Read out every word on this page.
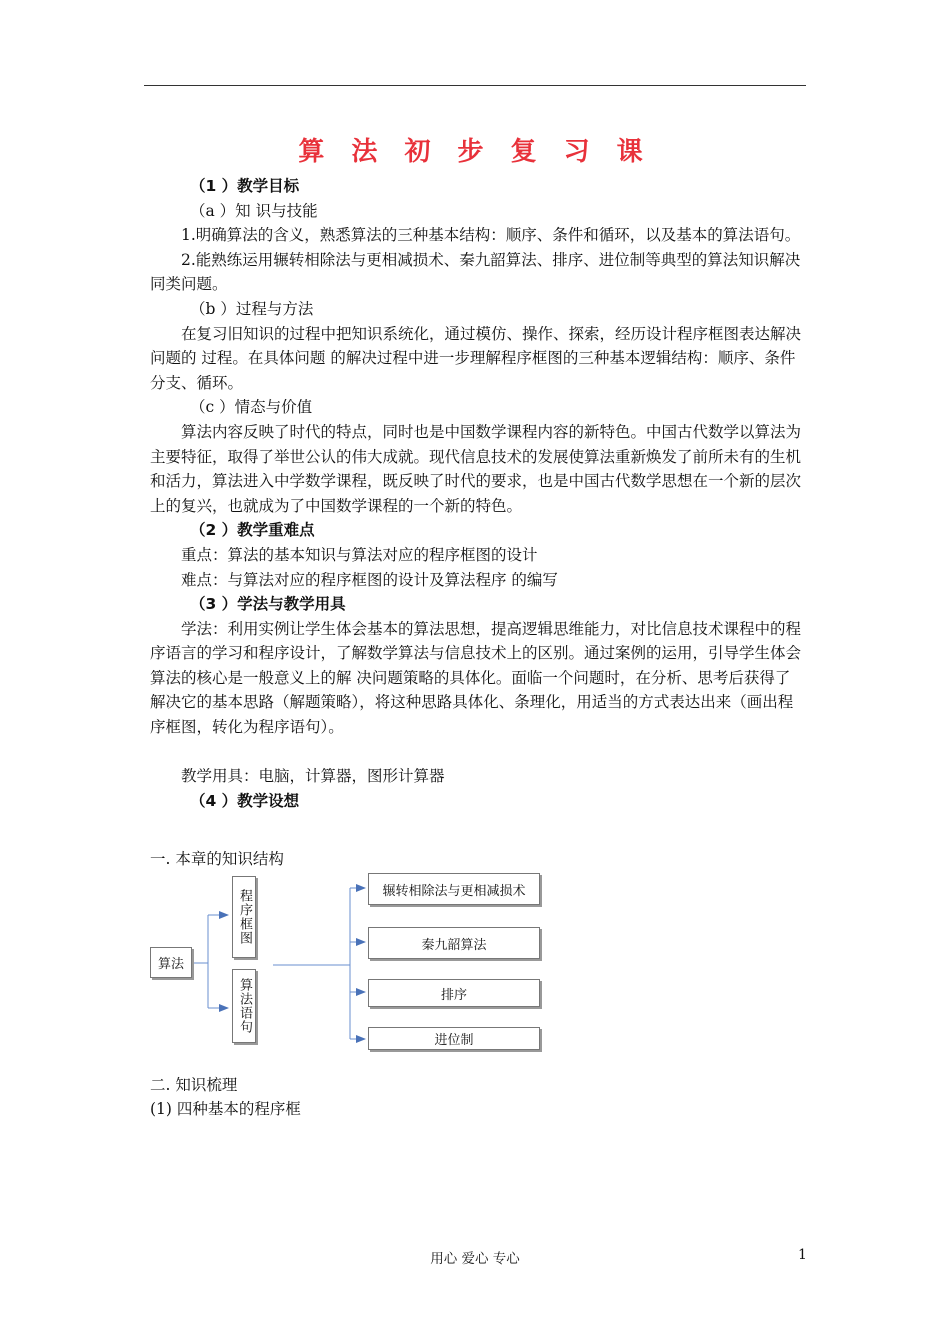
算 法 初 步 复 习 课

（1 ）教学目标

（a ）知 识与技能

1.明确算法的含义，熟悉算法的三种基本结构：顺序、条件和循环，以及基本的算法语句。

2.能熟练运用辗转相除法与更相减损术、秦九韶算法、排序、进位制等典型的算法知识解决同类问题。

（b ）过程与方法

在复习旧知识的过程中把知识系统化，通过模仿、操作、探索，经历设计程序框图表达解决问题的 过程。在具体问题 的解决过程中进一步理解程序框图的三种基本逻辑结构：顺序、条件分支、循环。

（c ）情态与价值

算法内容反映了时代的特点，同时也是中国数学课程内容的新特色。中国古代数学以算法为主要特征，取得了举世公认的伟大成就。现代信息技术的发展使算法重新焕发了前所未有的生机和活力，算法进入中学数学课程，既反映了时代的要求，也是中国古代数学思想在一个新的层次上的复兴，也就成为了中国数学课程的一个新的特色。

（2 ）教学重难点

重点：算法的基本知识与算法对应的程序框图的设计

难点：与算法对应的程序框图的设计及算法程序 的编写

（3 ）学法与教学用具

学法：利用实例让学生体会基本的算法思想，提高逻辑思维能力，对比信息技术课程中的程序语言的学习和程序设计，了解数学算法与信息技术上的区别。通过案例的运用，引导学生体会算法的核心是一般意义上的解 决问题策略的具体化。面临一个问题时，在分析、思考后获得了解决它的基本思路（解题策略），将这种思路具体化、条理化，用适当的方式表达出来（画出程序框图，转化为程序语句）。

教学用具：电脑，计算器，图形计算器

（4 ）教学设想

一. 本章的知识结构
算法
程序框图
算法语句
辗转相除法与更相减损术
秦九韶算法
排序
进位制
二. 知识梳理
(1) 四种基本的程序框
用心 爱心 专心	1
